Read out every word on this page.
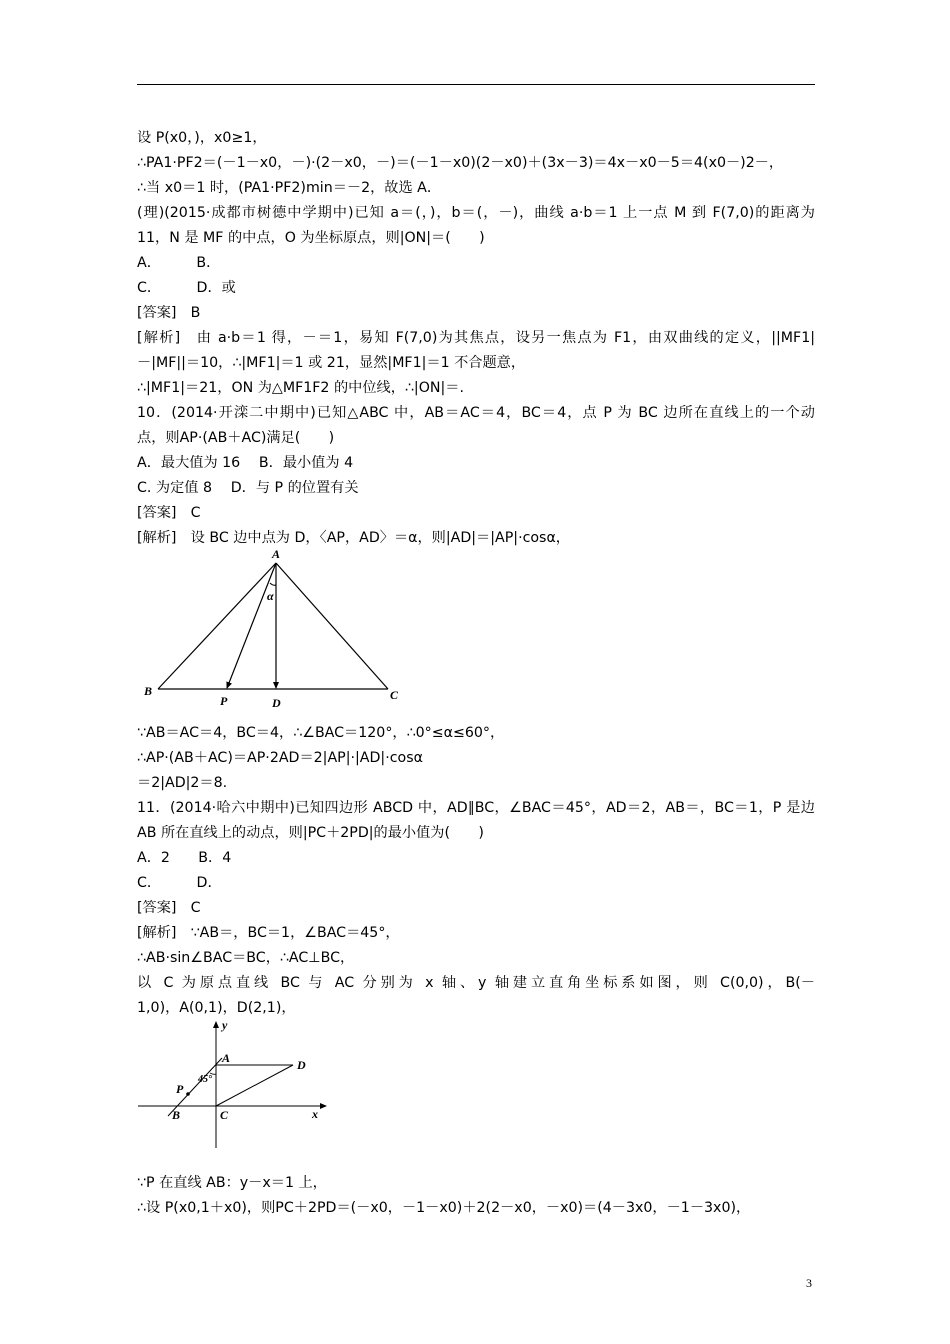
设 P(x0，)，x0≥1，
∴PA1·PF2＝(－1－x0，－)·(2－x0，－)＝(－1－x0)(2－x0)＋(3x－3)＝4x－x0－5＝4(x0－)2－，
∴当 x0＝1 时，(PA1·PF2)min＝－2，故选 A．
(理)(2015·成都市树德中学期中)已知 a＝(，)，b＝(，－)，曲线 a·b＝1 上一点 M 到 F(7,0)的距离为
11，N 是 MF 的中点，O 为坐标原点，则|ON|＝(　　)
A．　　　B．
C．　　　D．或
[答案]　B
[解析]　由 a·b＝1 得，－＝1，易知 F(7,0)为其焦点，设另一焦点为 F1，由双曲线的定义，||MF1|
－|MF||＝10，∴|MF1|＝1 或 21，显然|MF1|＝1 不合题意，
∴|MF1|＝21，ON 为△MF1F2 的中位线，∴|ON|＝.
10．(2014·开滦二中期中)已知△ABC 中，AB＝AC＝4，BC＝4，点 P 为 BC 边所在直线上的一个动
点，则AP·(AB＋AC)满足(　　)
A．最大值为 16　 B．最小值为 4
C. 为定值 8　 D．与 P 的位置有关
[答案]　C
[解析]　设 BC 边中点为 D，〈AP，AD〉＝α，则|AD|＝|AP|·cosα，
A
B	C
D
P
α
∵AB＝AC＝4，BC＝4，∴∠BAC＝120°，∴0°≤α≤60°，
∴AP·(AB＋AC)＝AP·2AD＝2|AP|·|AD|·cosα
＝2|AD|2＝8.
11．(2014·哈六中期中)已知四边形 ABCD 中，AD∥BC，∠BAC＝45°，AD＝2，AB＝，BC＝1，P 是边
AB 所在直线上的动点，则|PC＋2PD|的最小值为(　　)
A．2　　B．4
C．　　　D．
[答案]　C
[解析]　∵AB＝，BC＝1，∠BAC＝45°，
∴AB·sin∠BAC＝BC，∴AC⊥BC，
以 C 为原点直线 BC 与 AC 分别为 x 轴、y 轴建立直角坐标系如图，则 C(0,0)，B(－
1,0)，A(0,1)，D(2,1)，
y
x
A	D
B	C
P
45°
∵P 在直线 AB：y－x＝1 上，
∴设 P(x0,1＋x0)，则PC＋2PD＝(－x0，－1－x0)＋2(2－x0，－x0)＝(4－3x0，－1－3x0)，
3
